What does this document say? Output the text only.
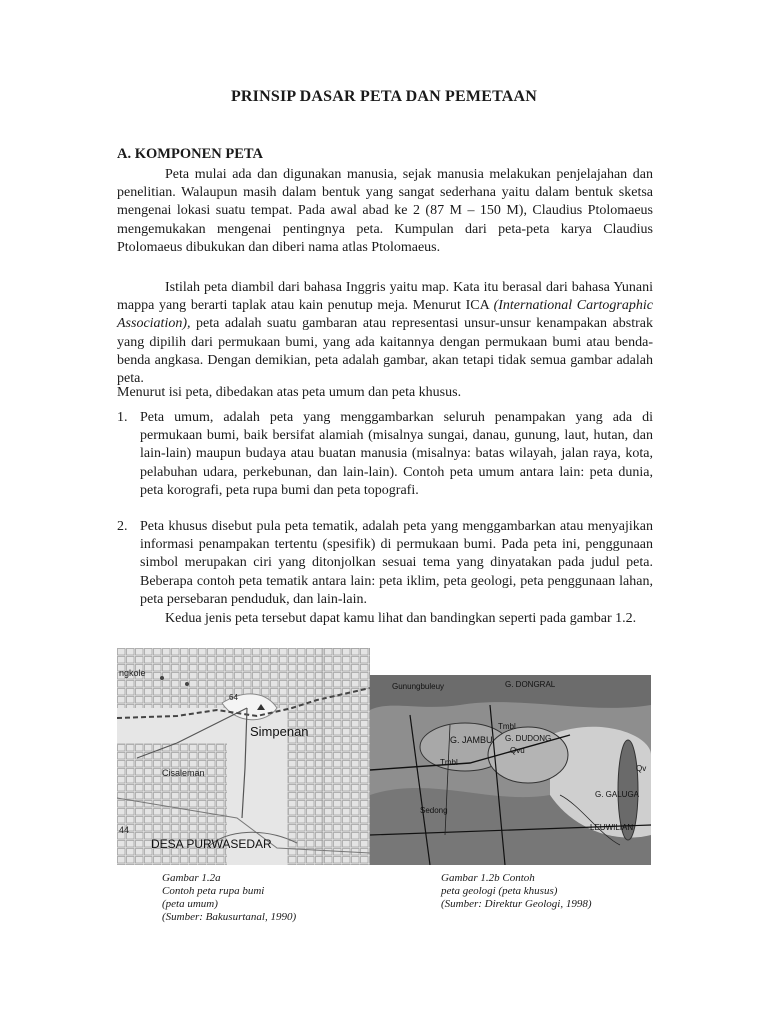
PRINSIP DASAR PETA DAN PEMETAAN
A. KOMPONEN PETA
Peta mulai ada dan digunakan manusia, sejak manusia melakukan penjelajahan dan penelitian. Walaupun masih dalam bentuk yang sangat sederhana yaitu dalam bentuk sketsa mengenai lokasi suatu tempat. Pada awal abad ke 2 (87 M – 150 M), Claudius Ptolomaeus mengemukakan mengenai pentingnya peta. Kumpulan dari peta-peta karya Claudius Ptolomaeus dibukukan dan diberi nama atlas Ptolomaeus.
Istilah peta diambil dari bahasa Inggris yaitu map. Kata itu berasal dari bahasa Yunani mappa yang berarti taplak atau kain penutup meja. Menurut ICA (International Cartographic Association), peta adalah suatu gambaran atau representasi unsur-unsur kenampakan abstrak yang dipilih dari permukaan bumi, yang ada kaitannya dengan permukaan bumi atau benda-benda angkasa. Dengan demikian, peta adalah gambar, akan tetapi tidak semua gambar adalah peta.
Menurut isi peta, dibedakan atas peta umum dan peta khusus.
1. Peta umum, adalah peta yang menggambarkan seluruh penampakan yang ada di permukaan bumi, baik bersifat alamiah (misalnya sungai, danau, gunung, laut, hutan, dan lain-lain) maupun budaya atau buatan manusia (misalnya: batas wilayah, jalan raya, kota, pelabuhan udara, perkebunan, dan lain-lain). Contoh peta umum antara lain: peta dunia, peta korografi, peta rupa bumi dan peta topografi.
2. Peta khusus disebut pula peta tematik, adalah peta yang menggambarkan atau menyajikan informasi penampakan tertentu (spesifik) di permukaan bumi. Pada peta ini, penggunaan simbol merupakan ciri yang ditonjolkan sesuai tema yang dinyatakan pada judul peta. Beberapa contoh peta tematik antara lain: peta iklim, peta geologi, peta penggunaan lahan, peta persebaran penduduk, dan lain-lain.
Kedua jenis peta tersebut dapat kamu lihat dan bandingkan seperti pada gambar 1.2.
ngkole
64
Simpenan
Cisaleman
44
DESA PURWASEDAR
Gunungbuleuy	G. DONGRAL
G. JAMBU
Tmbl
Tmbl
G. DUDONG
Qvu
Sedong
Qv
G. GALUGA
LEUWILIAN
Gambar 1.2a
Contoh peta rupa bumi
(peta umum)
(Sumber: Bakusurtanal, 1990)
Gambar 1.2b Contoh
peta geologi (peta khusus)
(Sumber: Direktur Geologi, 1998)
